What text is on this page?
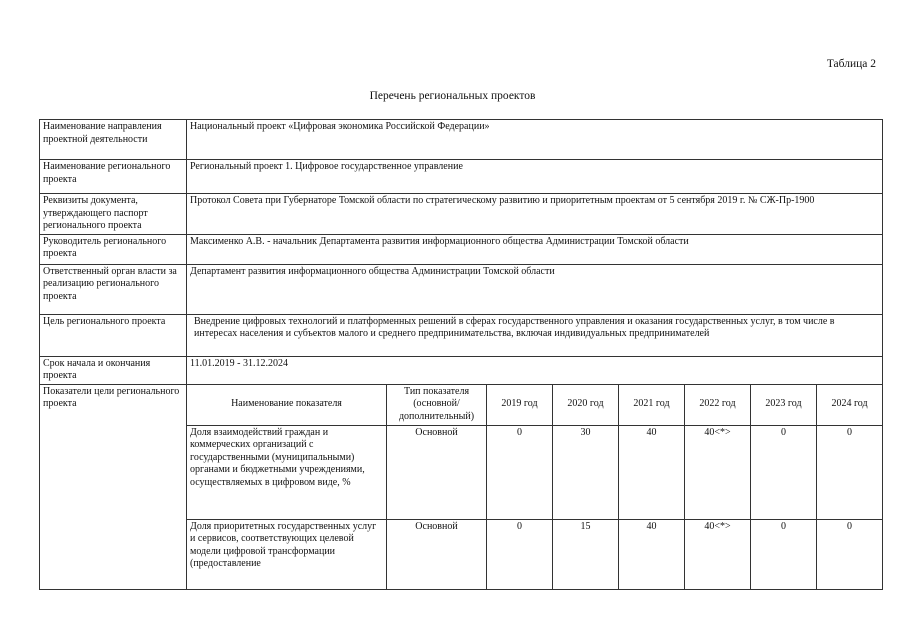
Таблица 2
Перечень региональных проектов
Наименование направления проектной деятельности	Национальный проект «Цифровая экономика Российской Федерации»							
Наименование регионального проекта	Региональный проект 1. Цифровое государственное управление							
Реквизиты документа, утверждающего паспорт регионального проекта	Протокол Совета при Губернаторе Томской области по стратегическому развитию и приоритетным проектам от 5 сентября 2019 г. № СЖ-Пр-1900							
Руководитель регионального проекта	Максименко А.В. - начальник Департамента развития информационного общества Администрации Томской области							
Ответственный орган власти за реализацию регионального проекта	Департамент развития информационного общества Администрации Томской области							
Цель регионального проекта	Внедрение цифровых технологий и платформенных решений в сферах государственного управления и оказания государственных услуг, в том числе в интересах населения и субъектов малого и среднего предпринимательства, включая индивидуальных предпринимателей							
Срок начала и окончания проекта	11.01.2019 - 31.12.2024							
Показатели цели регионального проекта	Наименование показателя	Тип показателя (основной/ дополнительный)	2019 год	2020 год	2021 год	2022 год	2023 год	2024 год
	Доля взаимодействий граждан и коммерческих организаций с государственными (муниципальными) органами и бюджетными учреждениями, осуществляемых в цифровом виде, %	Основной	0	30	40	40<*>	0	0
	Доля приоритетных государственных услуг и сервисов, соответствующих целевой модели цифровой трансформации (предоставление	Основной	0	15	40	40<*>	0	0
